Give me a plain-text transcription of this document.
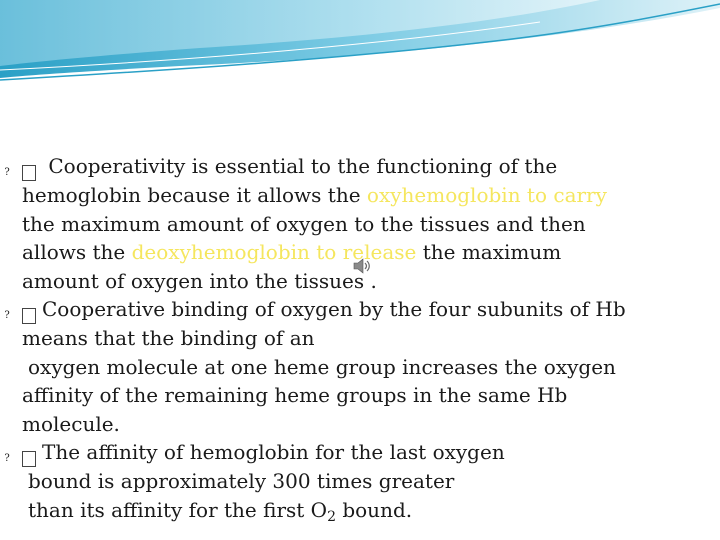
? Cooperativity is essential to the functioning of the
hemoglobin because it allows the oxyhemoglobin to carry
the maximum amount of oxygen to the tissues and then
allows the deoxyhemoglobin to release the maximum
amount of oxygen into the tissues .

? Cooperative binding of oxygen by the four subunits of Hb
means that the binding of an
oxygen molecule at one heme group increases the oxygen
affinity of the remaining heme groups in the same Hb
molecule.

? The affinity of hemoglobin for the last oxygen
bound is approximately 300 times greater
than its affinity for the first $O_2$ bound.
